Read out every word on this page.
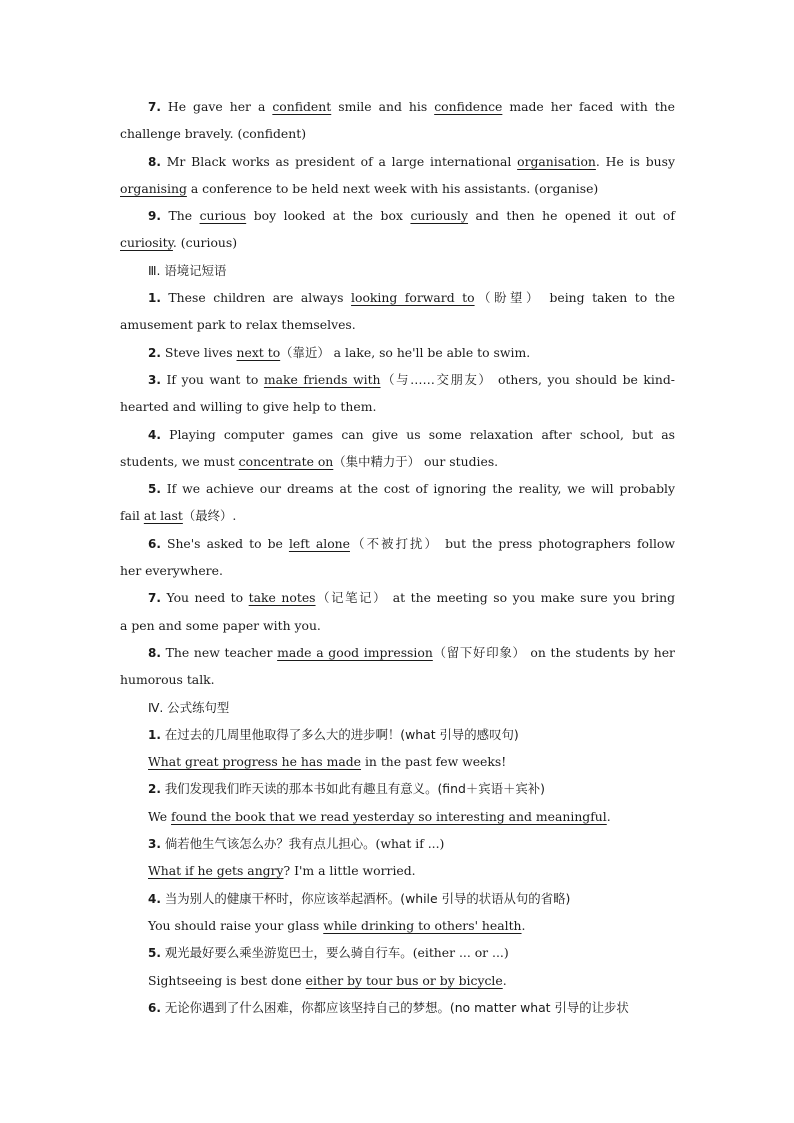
7. He gave her a confident smile and his confidence made her faced with the
challenge bravely. (confident)
8. Mr Black works as president of a large international organisation. He is busy
organising a conference to be held next week with his assistants. (organise)
9. The curious boy looked at the box curiously and then he opened it out of
curiosity. (curious)
Ⅲ. 语境记短语
1. These children are always looking forward to（盼望） being taken to the
amusement park to relax themselves.
2. Steve lives next to（靠近） a lake, so he'll be able to swim.
3. If you want to make friends with（与……交朋友） others, you should be kind-
hearted and willing to give help to them.
4. Playing computer games can give us some relaxation after school, but as
students, we must concentrate on（集中精力于） our studies.
5. If we achieve our dreams at the cost of ignoring the reality, we will probably
fail at last（最终）.
6. She's asked to be left alone（不被打扰） but the press photographers follow
her everywhere.
7. You need to take notes（记笔记） at the meeting so you make sure you bring
a pen and some paper with you.
8. The new teacher made a good impression（留下好印象） on the students by her
humorous talk.
Ⅳ. 公式练句型
1. 在过去的几周里他取得了多么大的进步啊！(what 引导的感叹句)
What great progress he has made in the past few weeks!
2. 我们发现我们昨天读的那本书如此有趣且有意义。(find＋宾语＋宾补)
We found the book that we read yesterday so interesting and meaningful.
3. 倘若他生气该怎么办？我有点儿担心。(what if ...)
What if he gets angry? I'm a little worried.
4. 当为别人的健康干杯时，你应该举起酒杯。(while 引导的状语从句的省略)
You should raise your glass while drinking to others' health.
5. 观光最好要么乘坐游览巴士，要么骑自行车。(either ... or ...)
Sightseeing is best done either by tour bus or by bicycle.
6. 无论你遇到了什么困难，你都应该坚持自己的梦想。(no matter what 引导的让步状
